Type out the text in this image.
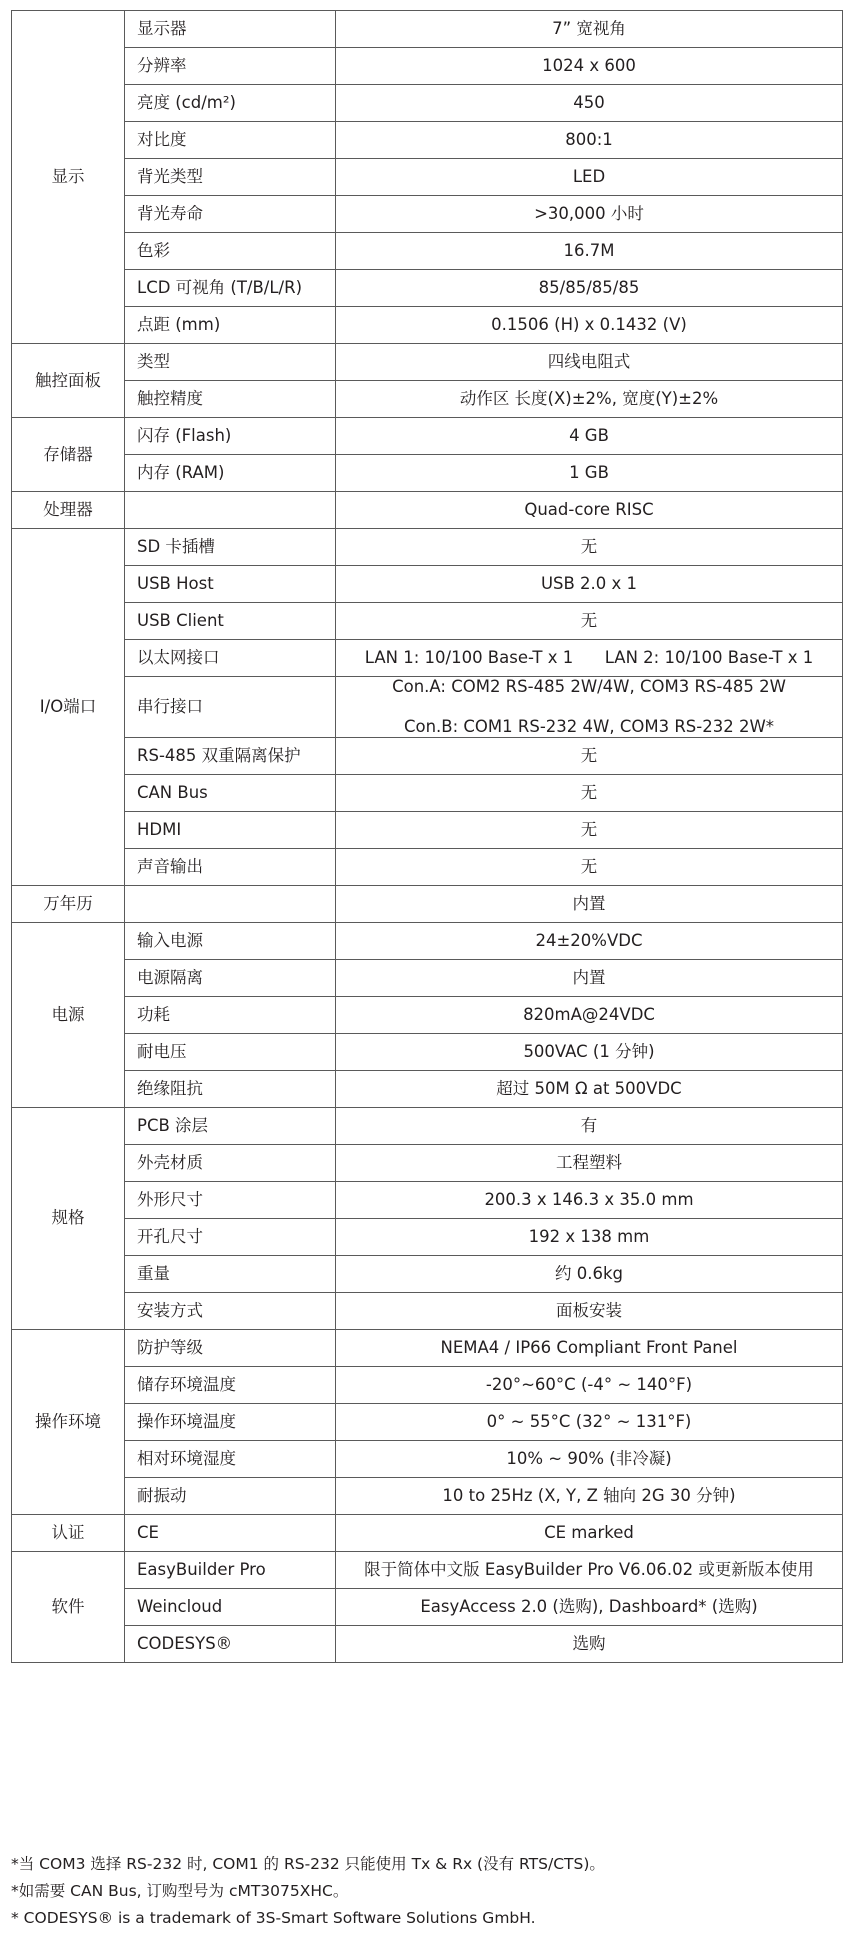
显示	显示器	7” 宽视角
	分辨率	1024 x 600
	亮度 (cd/m²)	450
	对比度	800:1
	背光类型	LED
	背光寿命	>30,000 小时
	色彩	16.7M
	LCD 可视角 (T/B/L/R)	85/85/85/85
	点距 (mm)	0.1506 (H) x 0.1432 (V)
触控面板	类型	四线电阻式
	触控精度	动作区 长度(X)±2%, 宽度(Y)±2%
存储器	闪存 (Flash)	4 GB
	内存 (RAM)	1 GB
处理器		Quad-core RISC
I/O端口	SD 卡插槽	无
	USB Host	USB 2.0 x 1
	USB Client	无
	以太网接口	LAN 1: 10/100 Base-T x 1      LAN 2: 10/100 Base-T x 1
	串行接口	Con.A: COM2 RS-485 2W/4W, COM3 RS-485 2W
Con.B: COM1 RS-232 4W, COM3 RS-232 2W*

	RS-485 双重隔离保护	无
	CAN Bus	无
	HDMI	无
	声音输出	无
万年历		内置
电源	输入电源	24±20%VDC
	电源隔离	内置
	功耗	820mA@24VDC
	耐电压	500VAC (1 分钟)
	绝缘阻抗	超过 50M Ω at 500VDC
规格	PCB 涂层	有
	外壳材质	工程塑料
	外形尺寸	200.3 x 146.3 x 35.0 mm
	开孔尺寸	192 x 138 mm
	重量	约 0.6kg
	安装方式	面板安装
操作环境	防护等级	NEMA4 / IP66 Compliant Front Panel
	储存环境温度	-20°~60°C (-4° ~ 140°F)
	操作环境温度	0° ~ 55°C (32° ~ 131°F)
	相对环境湿度	10% ~ 90% (非冷凝)
	耐振动	10 to 25Hz (X, Y, Z 轴向 2G 30 分钟)
认证	CE	CE marked
软件	EasyBuilder Pro	限于简体中文版 EasyBuilder Pro V6.06.02 或更新版本使用
	Weincloud	EasyAccess 2.0 (选购), Dashboard* (选购)
	CODESYS®	选购
*当 COM3 选择 RS-232 时, COM1 的 RS-232 只能使用 Tx & Rx (没有 RTS/CTS)。
*如需要 CAN Bus, 订购型号为 cMT3075XHC。
* CODESYS® is a trademark of 3S-Smart Software Solutions GmbH.
